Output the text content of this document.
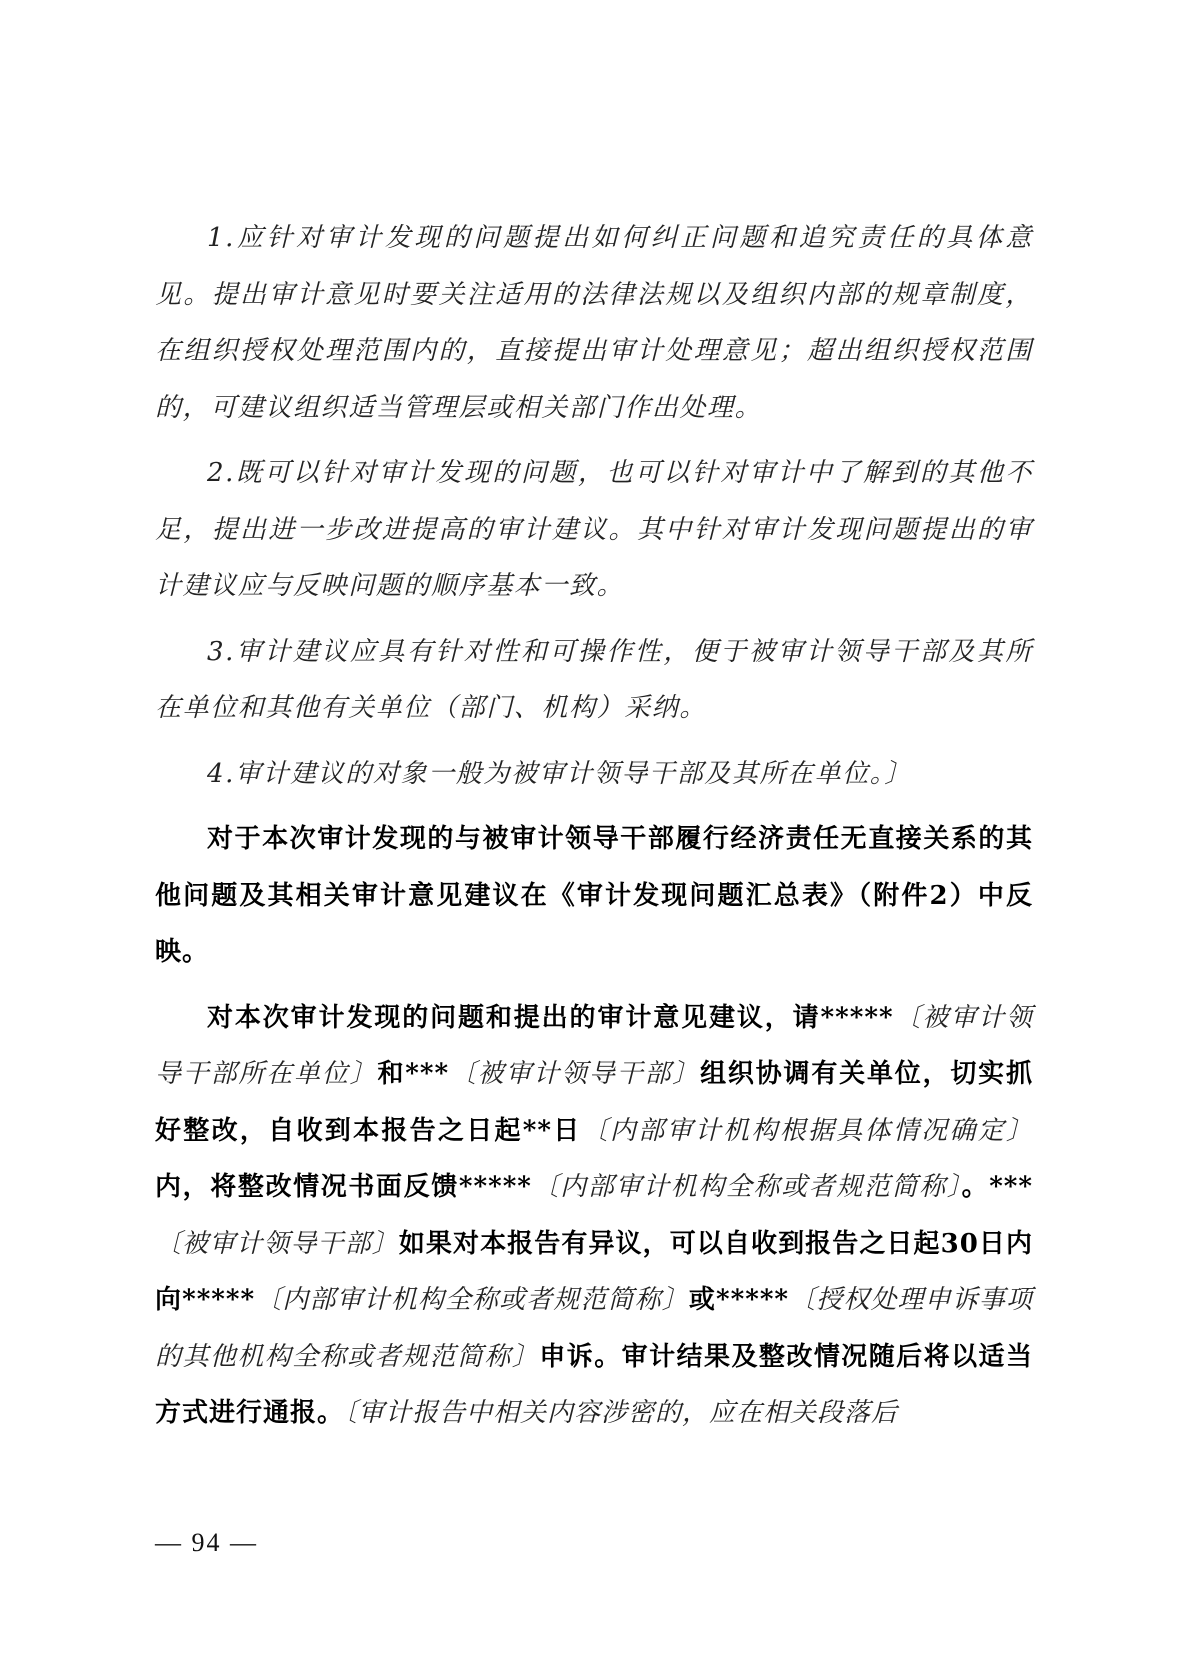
1.应针对审计发现的问题提出如何纠正问题和追究责任的具体意见。提出审计意见时要关注适用的法律法规以及组织内部的规章制度，在组织授权处理范围内的，直接提出审计处理意见；超出组织授权范围的，可建议组织适当管理层或相关部门作出处理。

2.既可以针对审计发现的问题，也可以针对审计中了解到的其他不足，提出进一步改进提高的审计建议。其中针对审计发现问题提出的审计建议应与反映问题的顺序基本一致。

3.审计建议应具有针对性和可操作性，便于被审计领导干部及其所在单位和其他有关单位（部门、机构）采纳。

4.审计建议的对象一般为被审计领导干部及其所在单位。〕

对于本次审计发现的与被审计领导干部履行经济责任无直接关系的其他问题及其相关审计意见建议在《审计发现问题汇总表》（附件2）中反映。

对本次审计发现的问题和提出的审计意见建议，请*****〔被审计领导干部所在单位〕和***〔被审计领导干部〕组织协调有关单位，切实抓好整改，自收到本报告之日起**日〔内部审计机构根据具体情况确定〕内，将整改情况书面反馈*****〔内部审计机构全称或者规范简称〕。***〔被审计领导干部〕如果对本报告有异议，可以自收到报告之日起30日内向*****〔内部审计机构全称或者规范简称〕或*****〔授权处理申诉事项的其他机构全称或者规范简称〕申诉。审计结果及整改情况随后将以适当方式进行通报。〔审计报告中相关内容涉密的，应在相关段落后

— 94 —
